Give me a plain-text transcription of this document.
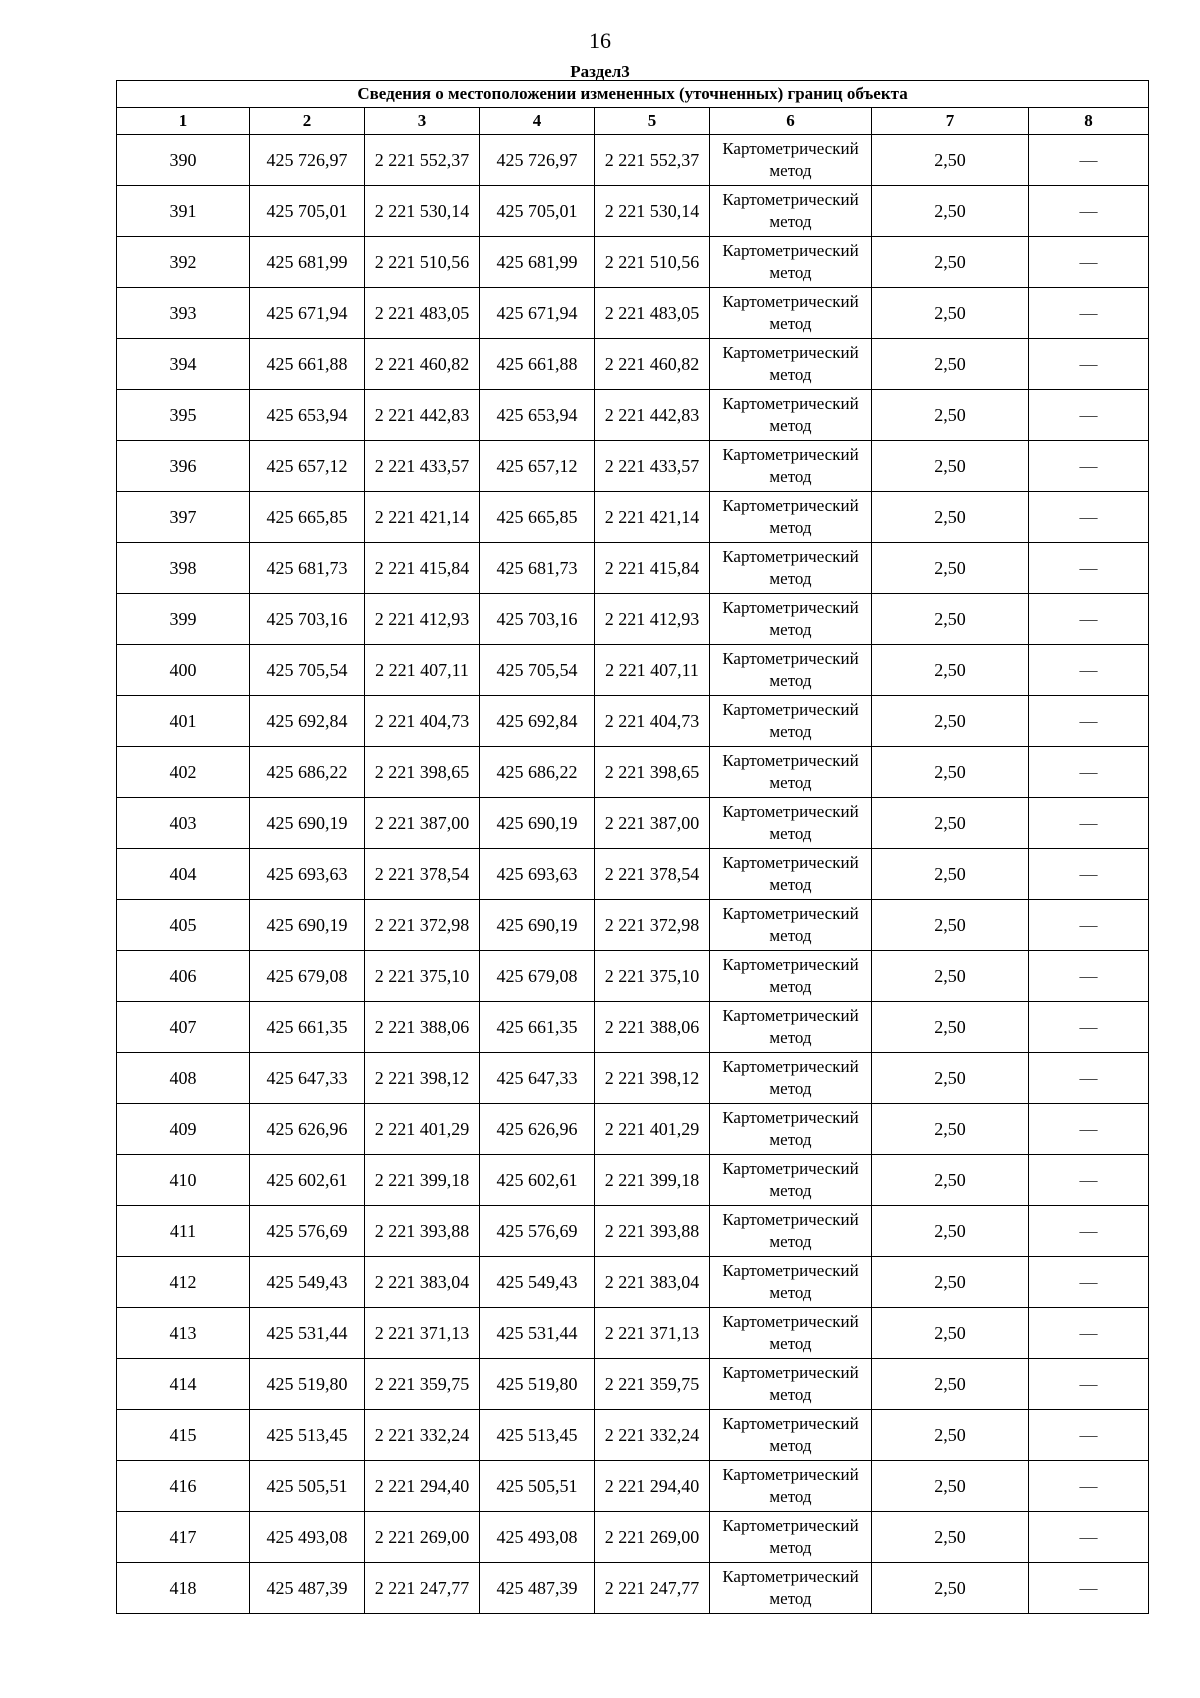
16
Раздел3
Сведения о местоположении измененных (уточненных) границ объекта							
1	2	3	4	5	6	7	8
390	425 726,97	2 221 552,37	425 726,97	2 221 552,37	Картометрический метод	2,50	—
391	425 705,01	2 221 530,14	425 705,01	2 221 530,14	Картометрический метод	2,50	—
392	425 681,99	2 221 510,56	425 681,99	2 221 510,56	Картометрический метод	2,50	—
393	425 671,94	2 221 483,05	425 671,94	2 221 483,05	Картометрический метод	2,50	—
394	425 661,88	2 221 460,82	425 661,88	2 221 460,82	Картометрический метод	2,50	—
395	425 653,94	2 221 442,83	425 653,94	2 221 442,83	Картометрический метод	2,50	—
396	425 657,12	2 221 433,57	425 657,12	2 221 433,57	Картометрический метод	2,50	—
397	425 665,85	2 221 421,14	425 665,85	2 221 421,14	Картометрический метод	2,50	—
398	425 681,73	2 221 415,84	425 681,73	2 221 415,84	Картометрический метод	2,50	—
399	425 703,16	2 221 412,93	425 703,16	2 221 412,93	Картометрический метод	2,50	—
400	425 705,54	2 221 407,11	425 705,54	2 221 407,11	Картометрический метод	2,50	—
401	425 692,84	2 221 404,73	425 692,84	2 221 404,73	Картометрический метод	2,50	—
402	425 686,22	2 221 398,65	425 686,22	2 221 398,65	Картометрический метод	2,50	—
403	425 690,19	2 221 387,00	425 690,19	2 221 387,00	Картометрический метод	2,50	—
404	425 693,63	2 221 378,54	425 693,63	2 221 378,54	Картометрический метод	2,50	—
405	425 690,19	2 221 372,98	425 690,19	2 221 372,98	Картометрический метод	2,50	—
406	425 679,08	2 221 375,10	425 679,08	2 221 375,10	Картометрический метод	2,50	—
407	425 661,35	2 221 388,06	425 661,35	2 221 388,06	Картометрический метод	2,50	—
408	425 647,33	2 221 398,12	425 647,33	2 221 398,12	Картометрический метод	2,50	—
409	425 626,96	2 221 401,29	425 626,96	2 221 401,29	Картометрический метод	2,50	—
410	425 602,61	2 221 399,18	425 602,61	2 221 399,18	Картометрический метод	2,50	—
411	425 576,69	2 221 393,88	425 576,69	2 221 393,88	Картометрический метод	2,50	—
412	425 549,43	2 221 383,04	425 549,43	2 221 383,04	Картометрический метод	2,50	—
413	425 531,44	2 221 371,13	425 531,44	2 221 371,13	Картометрический метод	2,50	—
414	425 519,80	2 221 359,75	425 519,80	2 221 359,75	Картометрический метод	2,50	—
415	425 513,45	2 221 332,24	425 513,45	2 221 332,24	Картометрический метод	2,50	—
416	425 505,51	2 221 294,40	425 505,51	2 221 294,40	Картометрический метод	2,50	—
417	425 493,08	2 221 269,00	425 493,08	2 221 269,00	Картометрический метод	2,50	—
418	425 487,39	2 221 247,77	425 487,39	2 221 247,77	Картометрический метод	2,50	—
